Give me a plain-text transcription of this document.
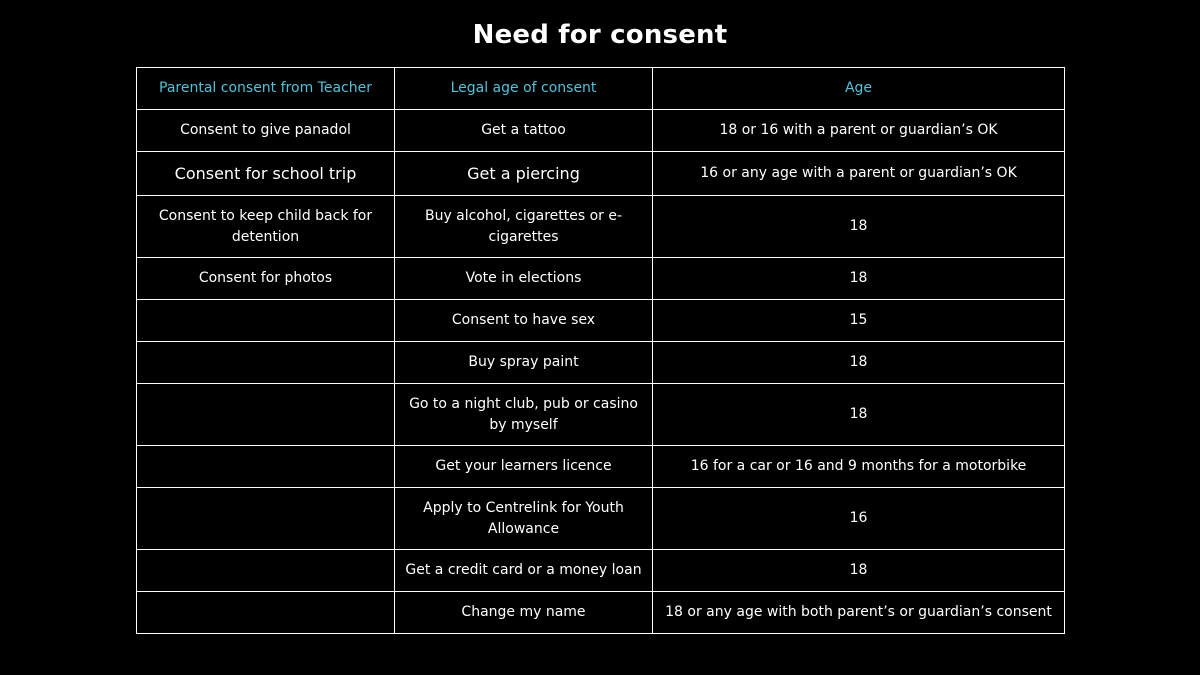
Need for consent
Parental consent from Teacher	Legal age of consent	Age
Consent to give panadol	Get a tattoo	18 or 16 with a parent or guardian’s OK
Consent for school trip	Get a piercing	16 or any age with a parent or guardian’s OK
Consent to keep child back for detention	Buy alcohol, cigarettes or e-cigarettes	18
Consent for photos	Vote in elections	18
	Consent to have sex	15
	Buy spray paint	18
	Go to a night club, pub or casino by myself	18
	Get your learners licence	16 for a car or 16 and 9 months for a motorbike
	Apply to Centrelink for Youth Allowance	16
	Get a credit card or a money loan	18
	Change my name	18 or any age with both parent’s or guardian’s consent
